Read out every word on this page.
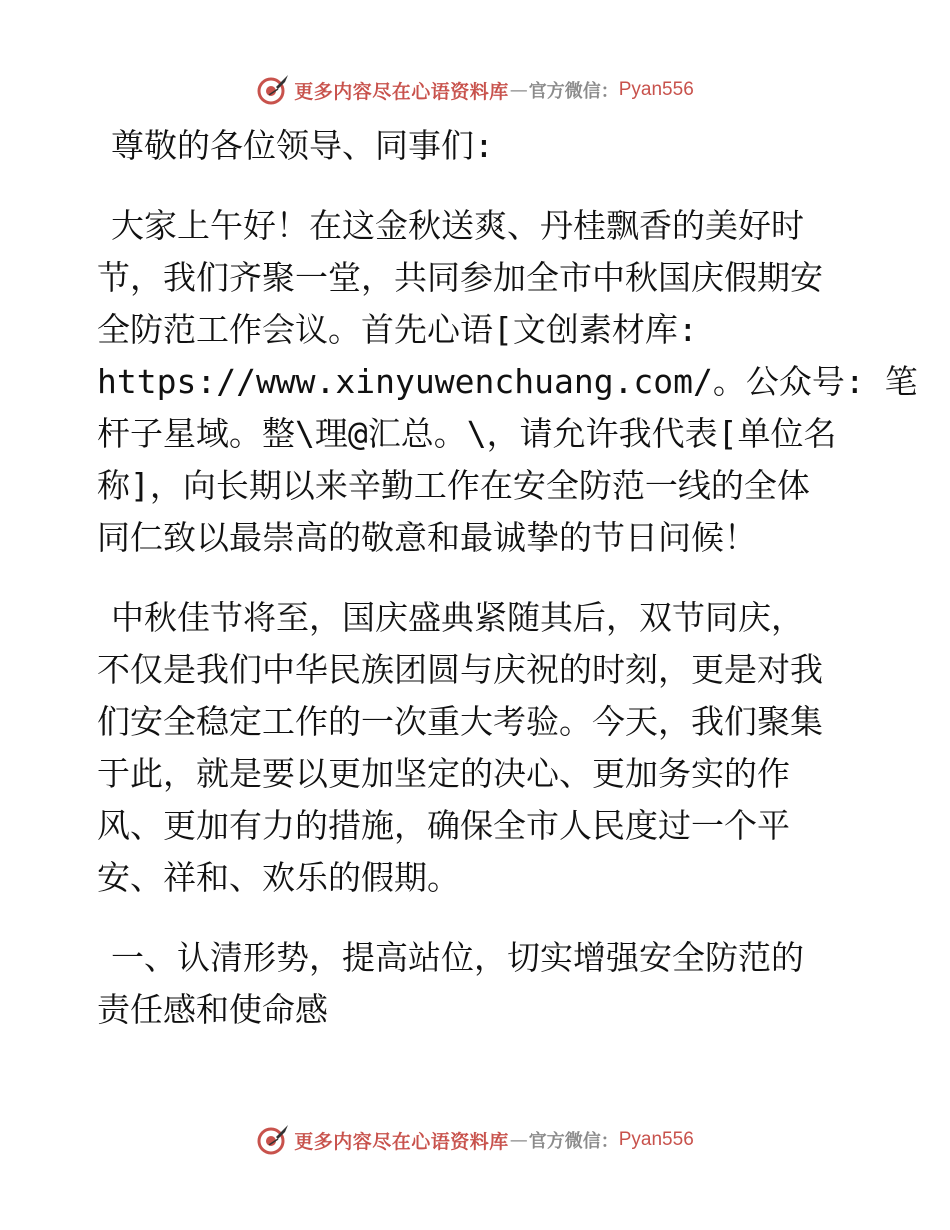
更多内容尽在心语资料库 — 官方微信： Pyan556

尊敬的各位领导、同事们:

大家上午好！在这金秋送爽、丹桂飘香的美好时
节，我们齐聚一堂，共同参加全市中秋国庆假期安
全防范工作会议。首先心语[文创素材库:
https://www.xinyuwenchuang.com/。公众号: 笔
杆子星域。整\理@汇总。\，请允许我代表[单位名
称]，向长期以来辛勤工作在安全防范一线的全体
同仁致以最崇高的敬意和最诚挚的节日问候！

中秋佳节将至，国庆盛典紧随其后，双节同庆，
不仅是我们中华民族团圆与庆祝的时刻，更是对我
们安全稳定工作的一次重大考验。今天，我们聚集
于此，就是要以更加坚定的决心、更加务实的作
风、更加有力的措施，确保全市人民度过一个平
安、祥和、欢乐的假期。

一、认清形势，提高站位，切实增强安全防范的
责任感和使命感

更多内容尽在心语资料库 — 官方微信： Pyan556
